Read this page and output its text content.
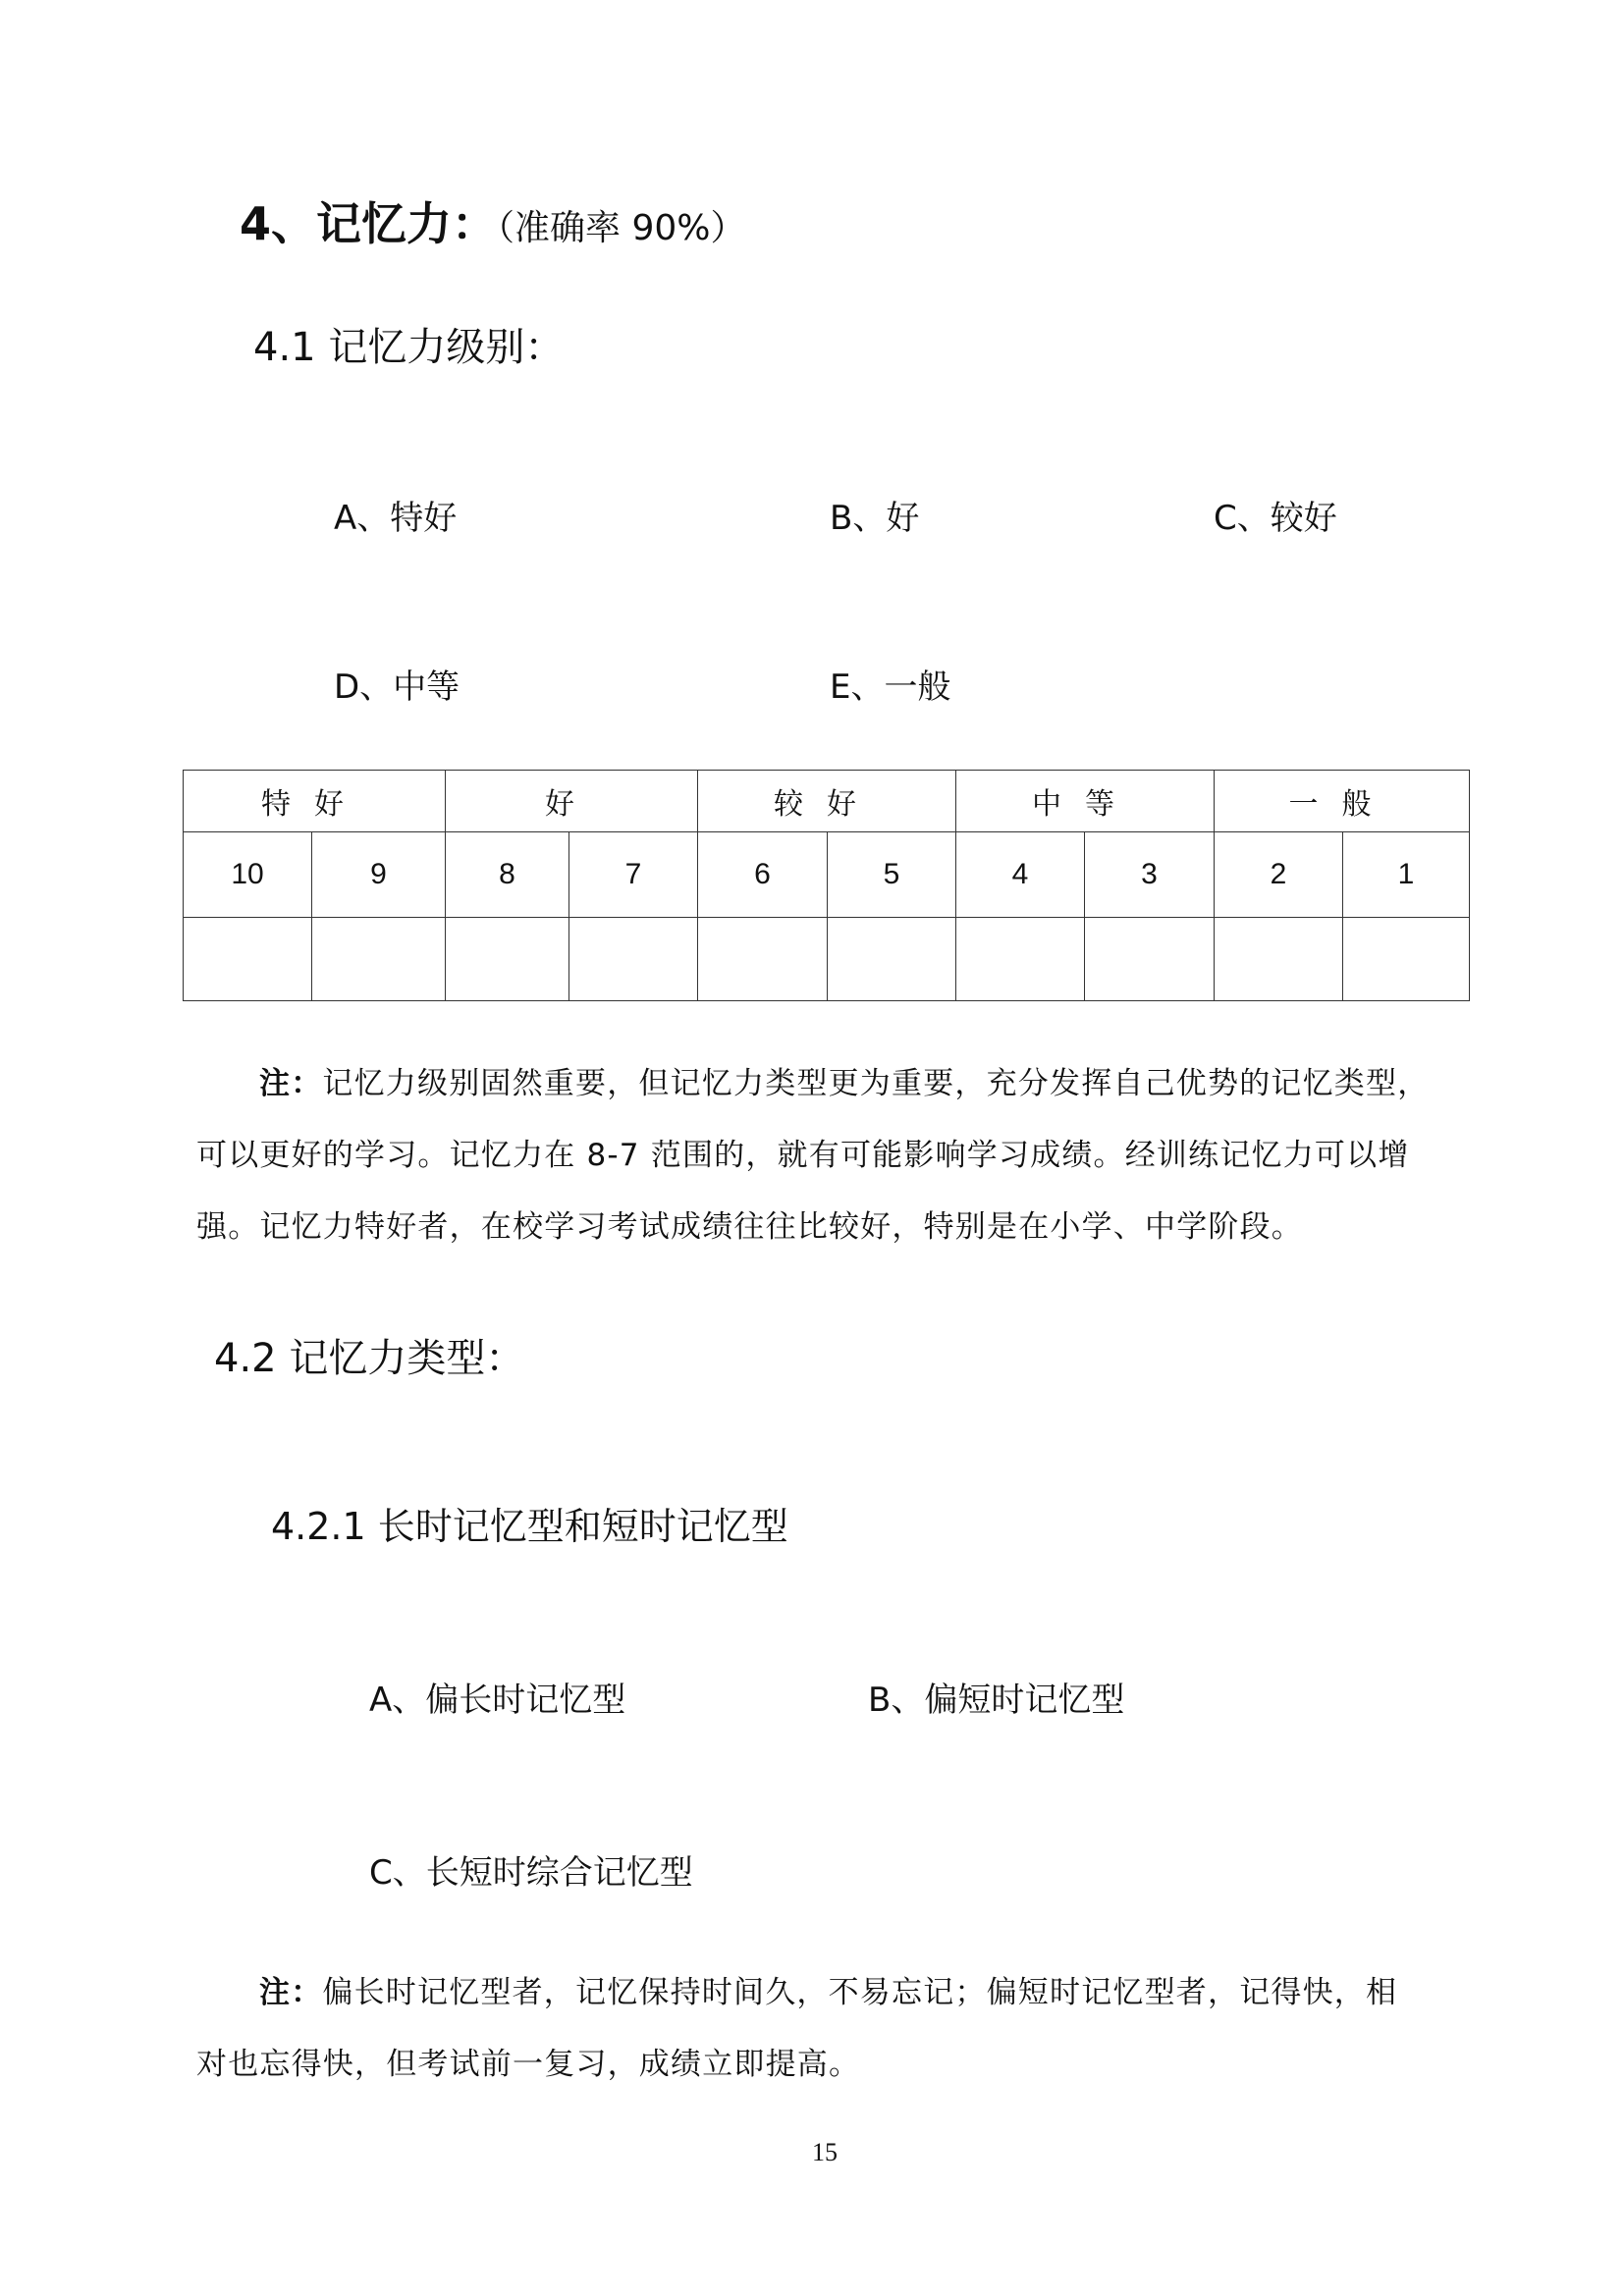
4、记忆力：（准确率 90%）
4.1 记忆力级别：
A、特好	B、好	C、较好
D、中等	E、一般
特好		好		较好		中等		一般	
10	9	8	7	6	5	4	3	2	1

注：记忆力级别固然重要，但记忆力类型更为重要，充分发挥自己优势的记忆类型，
可以更好的学习。记忆力在 8-7 范围的，就有可能影响学习成绩。经训练记忆力可以增
强。记忆力特好者，在校学习考试成绩往往比较好，特别是在小学、中学阶段。
4.2 记忆力类型：
4.2.1 长时记忆型和短时记忆型
A、偏长时记忆型	B、偏短时记忆型
C、长短时综合记忆型
注：偏长时记忆型者，记忆保持时间久，不易忘记；偏短时记忆型者，记得快，相
对也忘得快，但考试前一复习，成绩立即提高。
15
